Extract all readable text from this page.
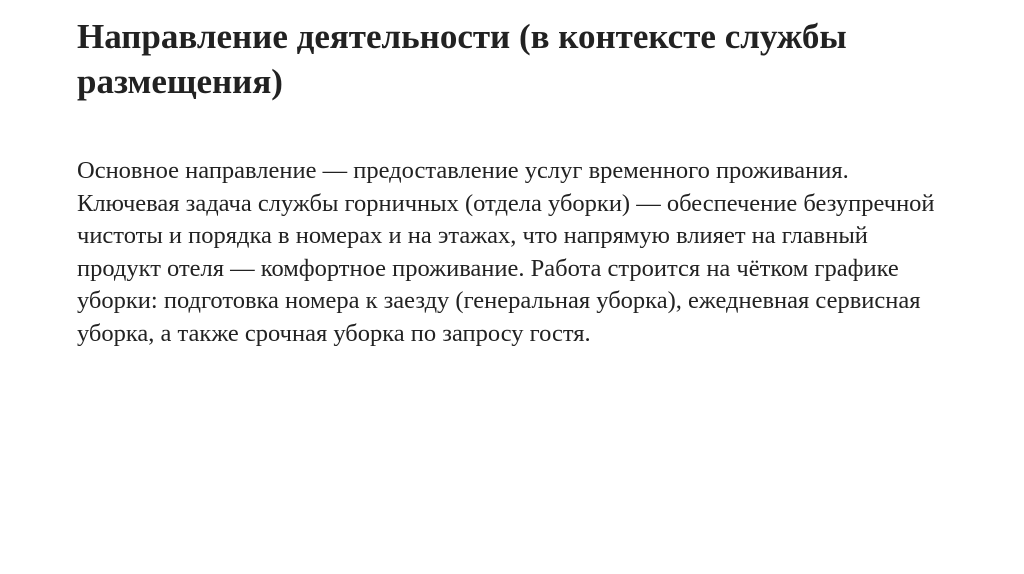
Направление деятельности (в контексте службы размещения)

Основное направление — предоставление услуг временного проживания. Ключевая задача службы горничных (отдела уборки) — обеспечение безупречной чистоты и порядка в номерах и на этажах, что напрямую влияет на главный продукт отеля — комфортное проживание. Работа строится на чётком графике уборки: подготовка номера к заезду (генеральная уборка), ежедневная сервисная уборка, а также срочная уборка по запросу гостя.
